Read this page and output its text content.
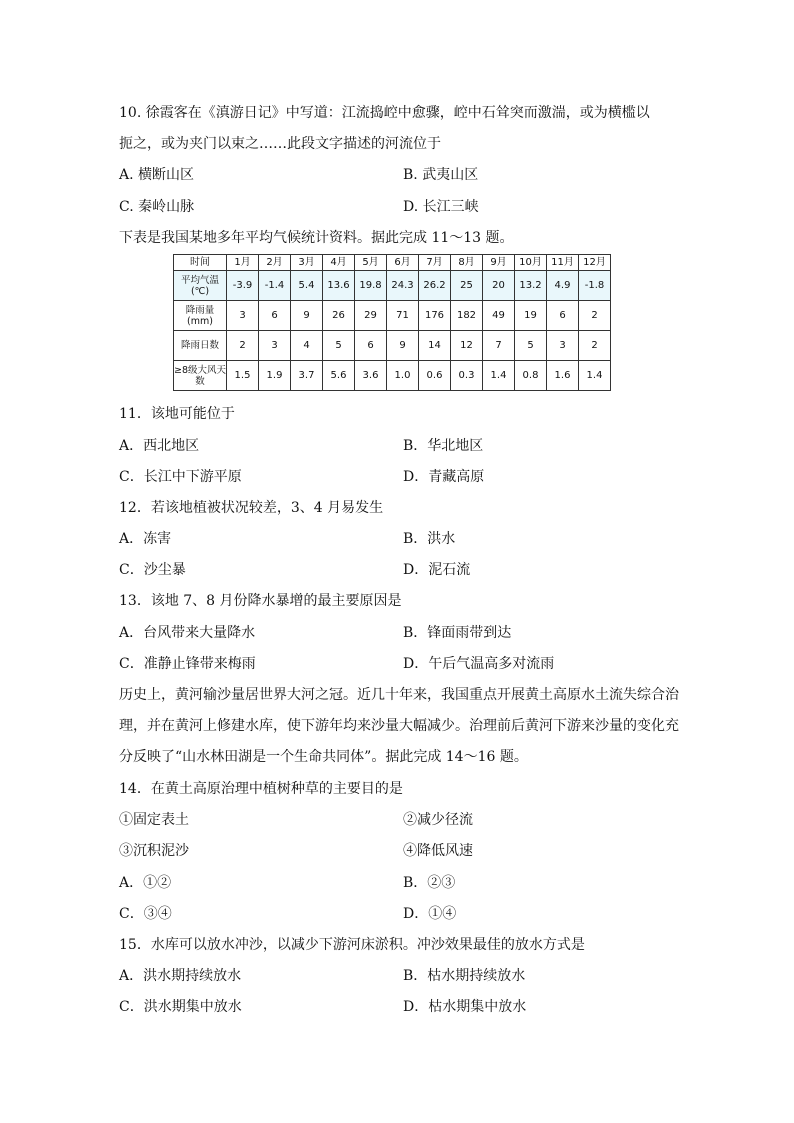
10. 徐霞客在《滇游日记》中写道：江流捣崆中愈骤，崆中石耸突而激湍，或为横槛以
扼之，或为夹门以束之……此段文字描述的河流位于
A. 横断山区	B. 武夷山区
C. 秦岭山脉	D. 长江三峡
下表是我国某地多年平均气候统计资料。据此完成 11～13 题。
时间	1月	2月	3月	4月	5月	6月	7月	8月	9月	10月	11月	12月
平均气温(℃)	-3.9	-1.4	5.4	13.6	19.8	24.3	26.2	25	20	13.2	4.9	-1.8
降雨量(mm)	3	6	9	26	29	71	176	182	49	19	6	2
降雨日数	2	3	4	5	6	9	14	12	7	5	3	2
≥8级大风天数	1.5	1.9	3.7	5.6	3.6	1.0	0.6	0.3	1.4	0.8	1.6	1.4
11．该地可能位于
A．西北地区	B．华北地区
C．长江中下游平原	D．青藏高原
12．若该地植被状况较差，3、4 月易发生
A．冻害	B．洪水
C．沙尘暴	D．泥石流
13．该地 7、8 月份降水暴增的最主要原因是
A．台风带来大量降水	B．锋面雨带到达
C．准静止锋带来梅雨	D．午后气温高多对流雨
历史上，黄河输沙量居世界大河之冠。近几十年来，我国重点开展黄土高原水土流失综合治
理，并在黄河上修建水库，使下游年均来沙量大幅减少。治理前后黄河下游来沙量的变化充
分反映了“山水林田湖是一个生命共同体”。据此完成 14～16 题。
14．在黄土高原治理中植树种草的主要目的是
①固定表土	②减少径流
③沉积泥沙	④降低风速
A．①②	B．②③
C．③④	D．①④
15．水库可以放水冲沙，以减少下游河床淤积。冲沙效果最佳的放水方式是
A．洪水期持续放水	B．枯水期持续放水
C．洪水期集中放水	D．枯水期集中放水
